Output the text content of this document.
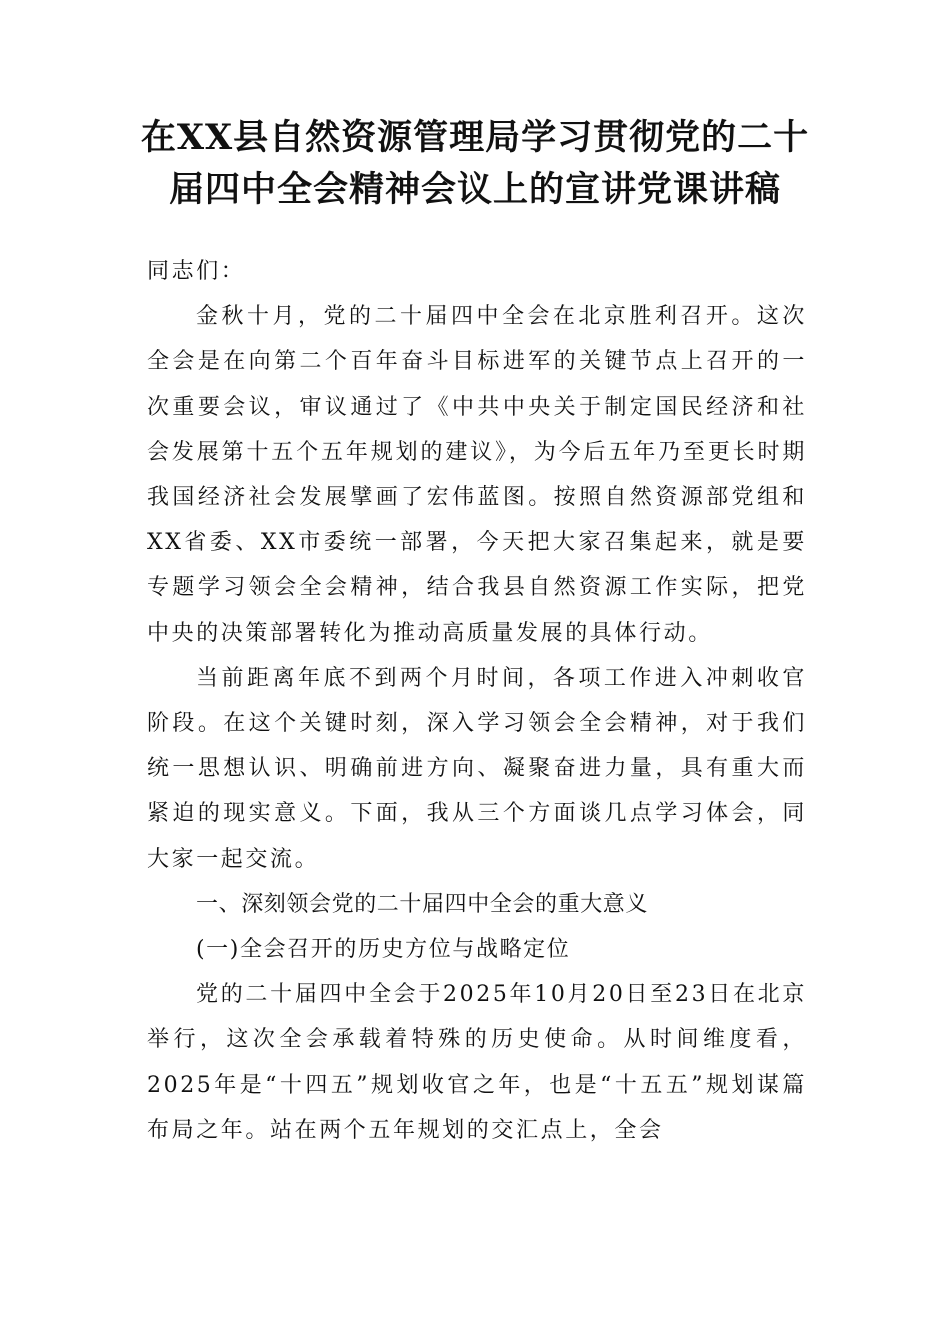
在XX县自然资源管理局学习贯彻党的二十
届四中全会精神会议上的宣讲党课讲稿

同志们：

金秋十月，党的二十届四中全会在北京胜利召开。这次全会是在向第二个百年奋斗目标进军的关键节点上召开的一次重要会议，审议通过了《中共中央关于制定国民经济和社会发展第十五个五年规划的建议》，为今后五年乃至更长时期我国经济社会发展擘画了宏伟蓝图。按照自然资源部党组和XX省委、XX市委统一部署，今天把大家召集起来，就是要专题学习领会全会精神，结合我县自然资源工作实际，把党中央的决策部署转化为推动高质量发展的具体行动。

当前距离年底不到两个月时间，各项工作进入冲刺收官阶段。在这个关键时刻，深入学习领会全会精神，对于我们统一思想认识、明确前进方向、凝聚奋进力量，具有重大而紧迫的现实意义。下面，我从三个方面谈几点学习体会，同大家一起交流。

一、深刻领会党的二十届四中全会的重大意义

(一)全会召开的历史方位与战略定位

党的二十届四中全会于2025年10月20日至23日在北京举行，这次全会承载着特殊的历史使命。从时间维度看，2025年是“十四五”规划收官之年，也是“十五五”规划谋篇布局之年。站在两个五年规划的交汇点上，全会
